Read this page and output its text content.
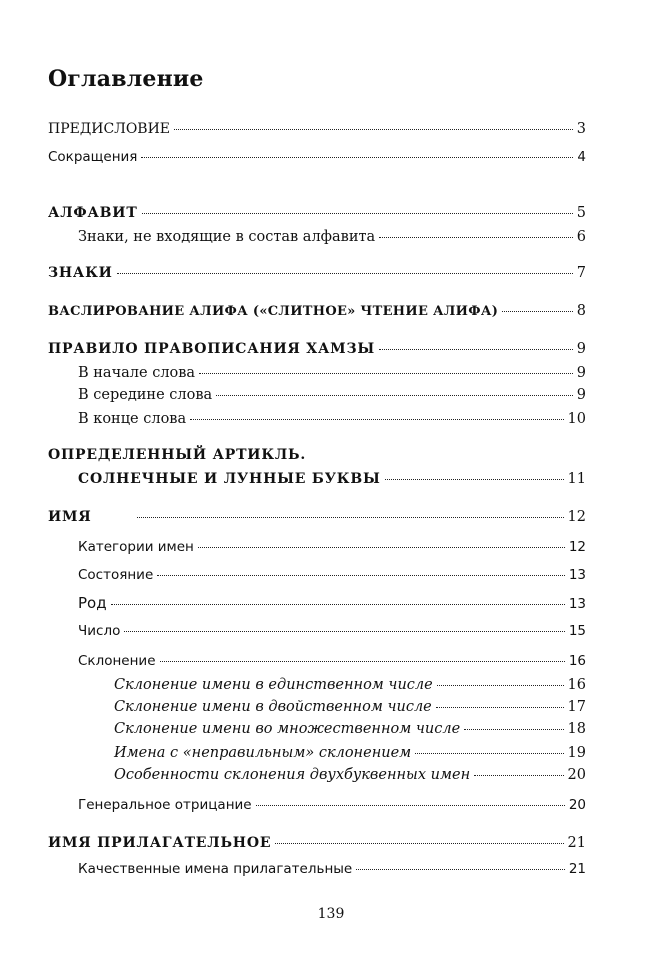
Оглавление
ПРЕДИСЛОВИЕ	3
Сокращения	4
АЛФАВИТ	5
Знаки, не входящие в состав алфавита	6
ЗНАКИ	7
ВАСЛИРОВАНИЕ АЛИФА («СЛИТНОЕ» ЧТЕНИЕ АЛИФА)	8
ПРАВИЛО ПРАВОПИСАНИЯ ХАМЗЫ	9
В начале слова	9
В середине слова	9
В конце слова	10
ОПРЕДЕЛЕННЫЙ АРТИКЛЬ.
СОЛНЕЧНЫЕ И ЛУННЫЕ БУКВЫ	11
ИМЯ	12
Категории имен	12
Состояние	13
Род	13
Число	15
Склонение	16
Склонение имени в единственном числе	16
Склонение имени в двойственном числе	17
Склонение имени во множественном числе	18
Имена с «неправильным» склонением	19
Особенности склонения двухбуквенных имен	20
Генеральное отрицание	20
ИМЯ ПРИЛАГАТЕЛЬНОЕ	21
Качественные имена прилагательные	21
139
